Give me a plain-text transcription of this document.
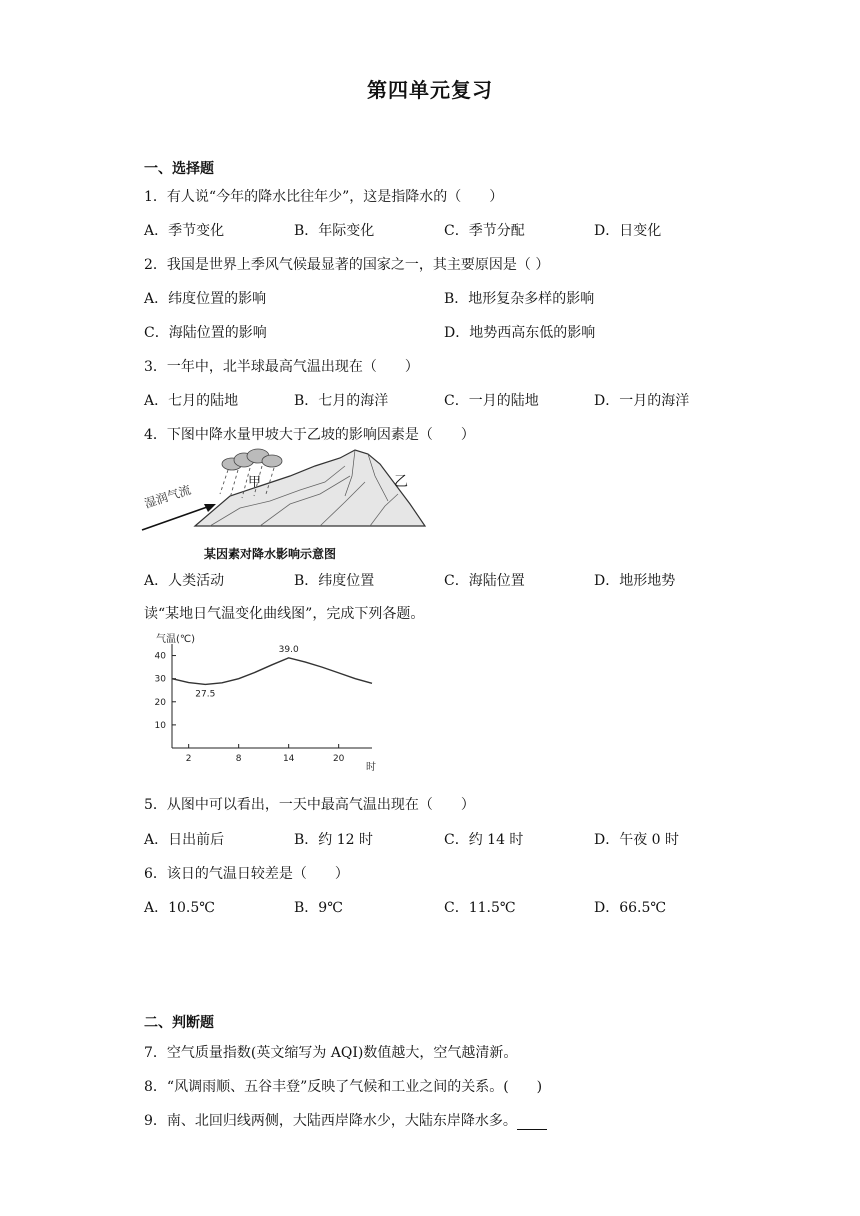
第四单元复习
一、选择题
1．有人说“今年的降水比往年少”，这是指降水的（　　）
A．季节变化	B．年际变化	C．季节分配	D．日变化
2．我国是世界上季风气候最显著的国家之一，其主要原因是（ ）
A．纬度位置的影响	B．地形复杂多样的影响
C．海陆位置的影响	D．地势西高东低的影响
3．一年中，北半球最高气温出现在（　　）
A．七月的陆地	B．七月的海洋	C．一月的陆地	D．一月的海洋
4．下图中降水量甲坡大于乙坡的影响因素是（　　）
湿润气流
甲	乙
某因素对降水影响示意图
A．人类活动	B．纬度位置	C．海陆位置	D．地形地势
读“某地日气温变化曲线图”，完成下列各题。
气温(℃)
时
10
20
30
40
2	8	14	20
27.5
39.0
5．从图中可以看出，一天中最高气温出现在（　　）
A．日出前后	B．约 12 时	C．约 14 时	D．午夜 0 时
6．该日的气温日较差是（　　）
A．10.5℃	B．9℃	C．11.5℃	D．66.5℃
二、判断题
7．空气质量指数(英文缩写为 AQI)数值越大，空气越清新。
8．“风调雨顺、五谷丰登”反映了气候和工业之间的关系。(　　)
9．南、北回归线两侧，大陆西岸降水少，大陆东岸降水多。
